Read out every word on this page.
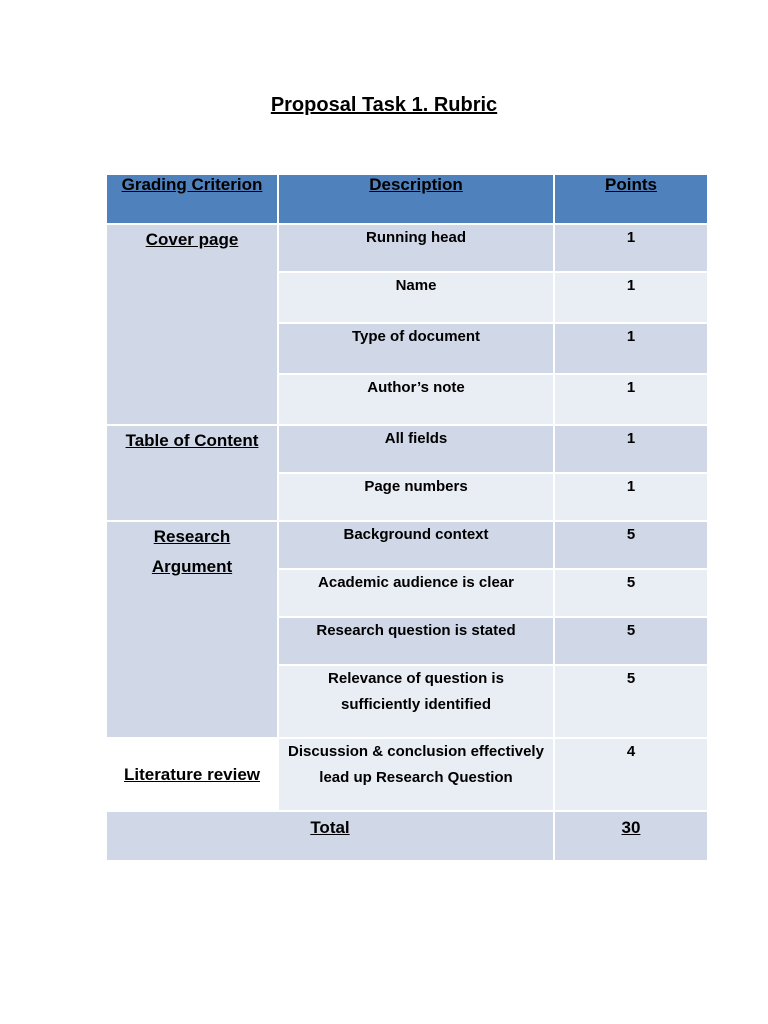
Proposal Task 1. Rubric
Grading Criterion	Description	Points
Cover page	Running head	1
	Name	1
	Type of document	1
	Author’s note	1
Table of Content	All fields	1
	Page numbers	1

Research Argument	Background context	5
	Academic audience is clear	5
	Research question is stated	5

	Relevance of question is sufficiently identified	5
Literature review	Discussion & conclusion effectively lead up Research Question	4
Total		30
